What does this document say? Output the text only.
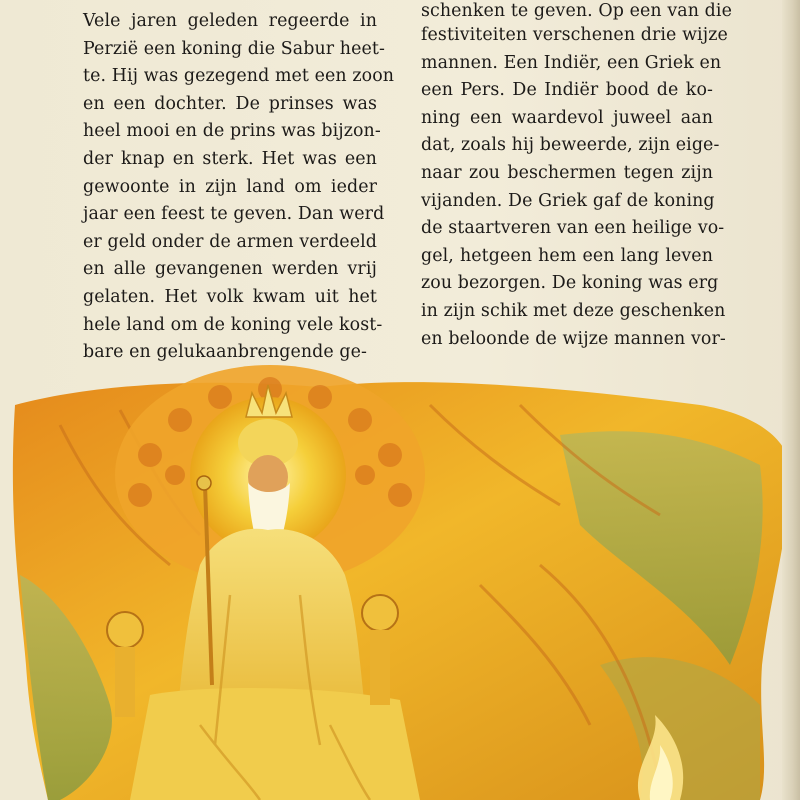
Vele jaren geleden regeerde in
Perzië een koning die Sabur heet-
te. Hij was gezegend met een zoon
en een dochter. De prinses was
heel mooi en de prins was bijzon-
der knap en sterk. Het was een
gewoonte in zijn land om ieder
jaar een feest te geven. Dan werd
er geld onder de armen verdeeld
en alle gevangenen werden vrij
gelaten. Het volk kwam uit het
hele land om de koning vele kost-
bare en gelukaanbrengende ge-
schenken te geven. Op een van die
festiviteiten verschenen drie wijze
mannen. Een Indiër, een Griek en
een Pers. De Indiër bood de ko-
ning een waardevol juweel aan
dat, zoals hij beweerde, zijn eige-
naar zou beschermen tegen zijn
vijanden. De Griek gaf de koning
de staartveren van een heilige vo-
gel, hetgeen hem een lang leven
zou bezorgen. De koning was erg
in zijn schik met deze geschenken
en beloonde de wijze mannen vor-
